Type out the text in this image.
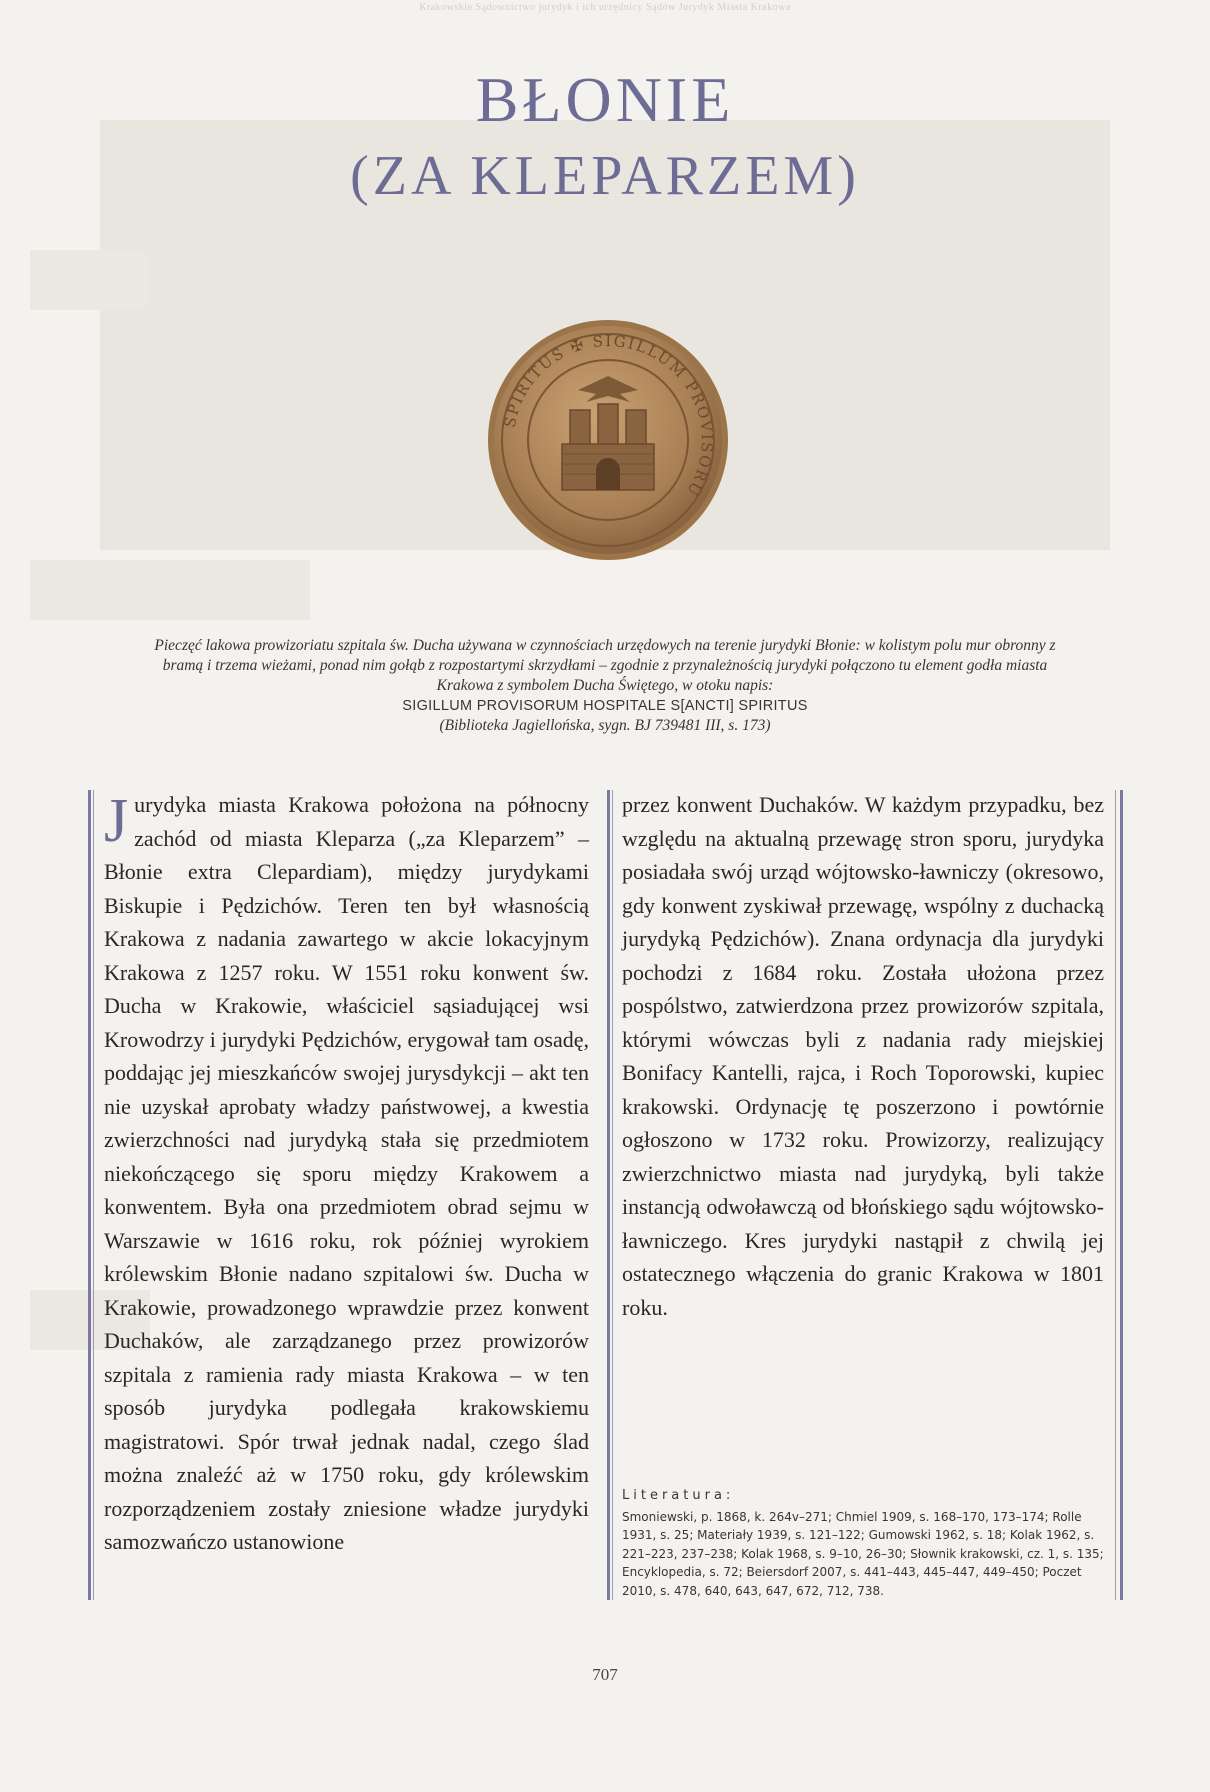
Krakowskie Sądownictwo jurydyk i ich urzędnicy Sądów Jurydyk Miasta Krakowa
BŁONIE
(ZA KLEPARZEM)
SPIRITUS ✠ SIGILLUM PROVISORU
Pieczęć lakowa prowizoriatu szpitala św. Ducha używana w czynnościach urzędowych na terenie jurydyki Błonie: w kolistym polu mur obronny z bramą i trzema wieżami, ponad nim gołąb z rozpostartymi skrzydłami – zgodnie z przynależnością jurydyki połączono tu element godła miasta Krakowa z symbolem Ducha Świętego, w otoku napis:
SIGILLUM PROVISORUM HOSPITALE S[ANCTI] SPIRITUS
(Biblioteka Jagiellońska, sygn. BJ 739481 III, s. 173)
Jurydyka miasta Krakowa położona na północny zachód od miasta Kleparza („za Kleparzem” – Błonie extra Clepardiam), między jurydykami Biskupie i Pędzichów. Teren ten był własnością Krakowa z nadania zawartego w akcie lokacyjnym Krakowa z 1257 roku. W 1551 roku konwent św. Ducha w Krakowie, właściciel sąsiadującej wsi Krowodrzy i jurydyki Pędzichów, erygował tam osadę, poddając jej mieszkańców swojej jurysdykcji – akt ten nie uzyskał aprobaty władzy państwowej, a kwestia zwierzchności nad jurydyką stała się przedmiotem niekończącego się sporu między Krakowem a konwentem. Była ona przedmiotem obrad sejmu w Warszawie w 1616 roku, rok później wyrokiem królewskim Błonie nadano szpitalowi św. Ducha w Krakowie, prowadzonego wprawdzie przez konwent Duchaków, ale zarządzanego przez prowizorów szpitala z ramienia rady miasta Krakowa – w ten sposób jurydyka podlegała krakowskiemu magistratowi. Spór trwał jednak nadal, czego ślad można znaleźć aż w 1750 roku, gdy królewskim rozporządzeniem zostały zniesione władze jurydyki samozwańczo ustanowione
przez konwent Duchaków. W każdym przypadku, bez względu na aktualną przewagę stron sporu, jurydyka posiadała swój urząd wójtowsko-ławniczy (okresowo, gdy konwent zyskiwał przewagę, wspólny z duchacką jurydyką Pędzichów). Znana ordynacja dla jurydyki pochodzi z 1684 roku. Została ułożona przez pospólstwo, zatwierdzona przez prowizorów szpitala, którymi wówczas byli z nadania rady miejskiej Bonifacy Kantelli, rajca, i Roch Toporowski, kupiec krakowski. Ordynację tę poszerzono i powtórnie ogłoszono w 1732 roku. Prowizorzy, realizujący zwierzchnictwo miasta nad jurydyką, byli także instancją odwoławczą od błońskiego sądu wójtowsko-ławniczego. Kres jurydyki nastąpił z chwilą jej ostatecznego włączenia do granic Krakowa w 1801 roku.
Literatura:
Smoniewski, p. 1868, k. 264v–271; Chmiel 1909, s. 168–170, 173–174; Rolle 1931, s. 25; Materiały 1939, s. 121–122; Gumowski 1962, s. 18; Kolak 1962, s. 221–223, 237–238; Kolak 1968, s. 9–10, 26–30; Słownik krakowski, cz. 1, s. 135; Encyklopedia, s. 72; Beiersdorf 2007, s. 441–443, 445–447, 449–450; Poczet 2010, s. 478, 640, 643, 647, 672, 712, 738.
707
